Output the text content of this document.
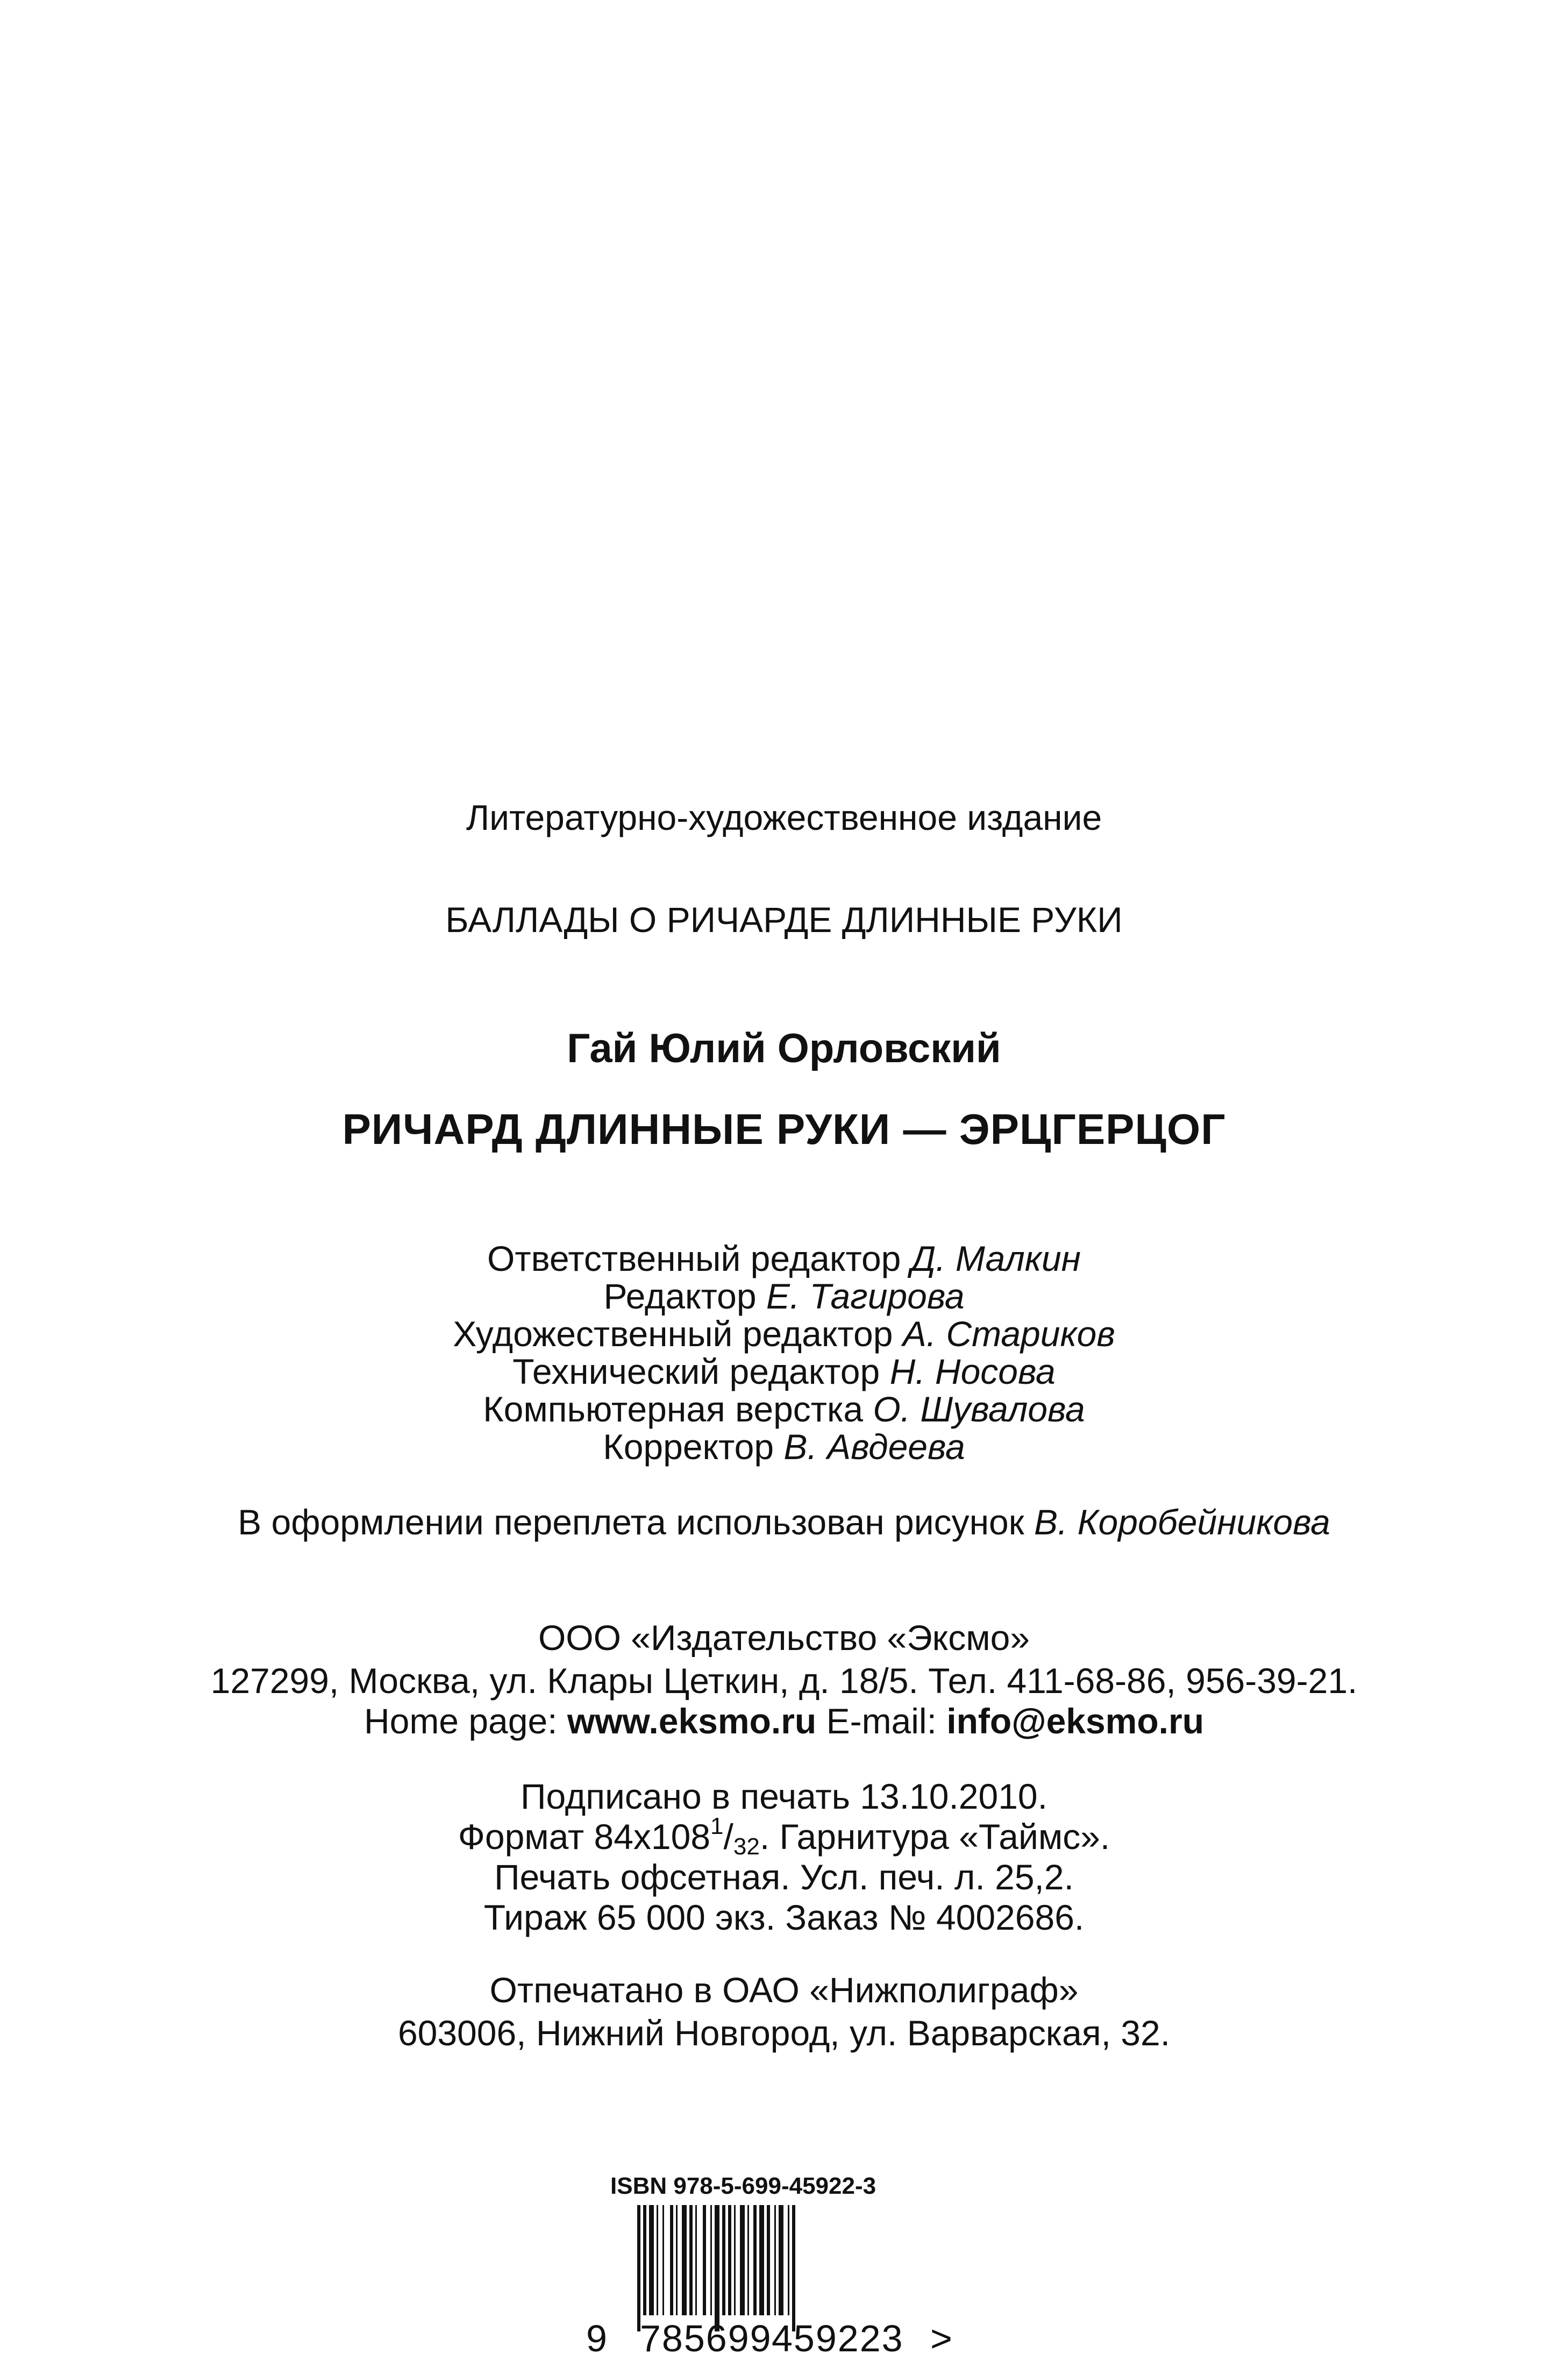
Литературно-художественное издание
БАЛЛАДЫ О РИЧАРДЕ ДЛИННЫЕ РУКИ
Гай Юлий Орловский
РИЧАРД ДЛИННЫЕ РУКИ — ЭРЦГЕРЦОГ
Ответственный редактор Д. Малкин
Редактор Е. Тагирова
Художественный редактор А. Стариков
Технический редактор Н. Носова
Компьютерная верстка О. Шувалова
Корректор В. Авдеева
В оформлении переплета использован рисунок В. Коробейникова
ООО «Издательство «Эксмо»
127299, Москва, ул. Клары Цеткин, д. 18/5. Тел. 411-68-86, 956-39-21.
Home page: www.eksmo.ru E-mail: info@eksmo.ru
Подписано в печать 13.10.2010.
Формат $84x108^1/_{32}$. Гарнитура «Таймс».
Печать офсетная. Усл. печ. л. 25,2.
Тираж 65 000 экз. Заказ № 4002686.
Отпечатано в ОАО «Нижполиграф»
603006, Нижний Новгород, ул. Варварская, 32.
ISBN 978-5-699-45922-3
9 785699 459223 >
